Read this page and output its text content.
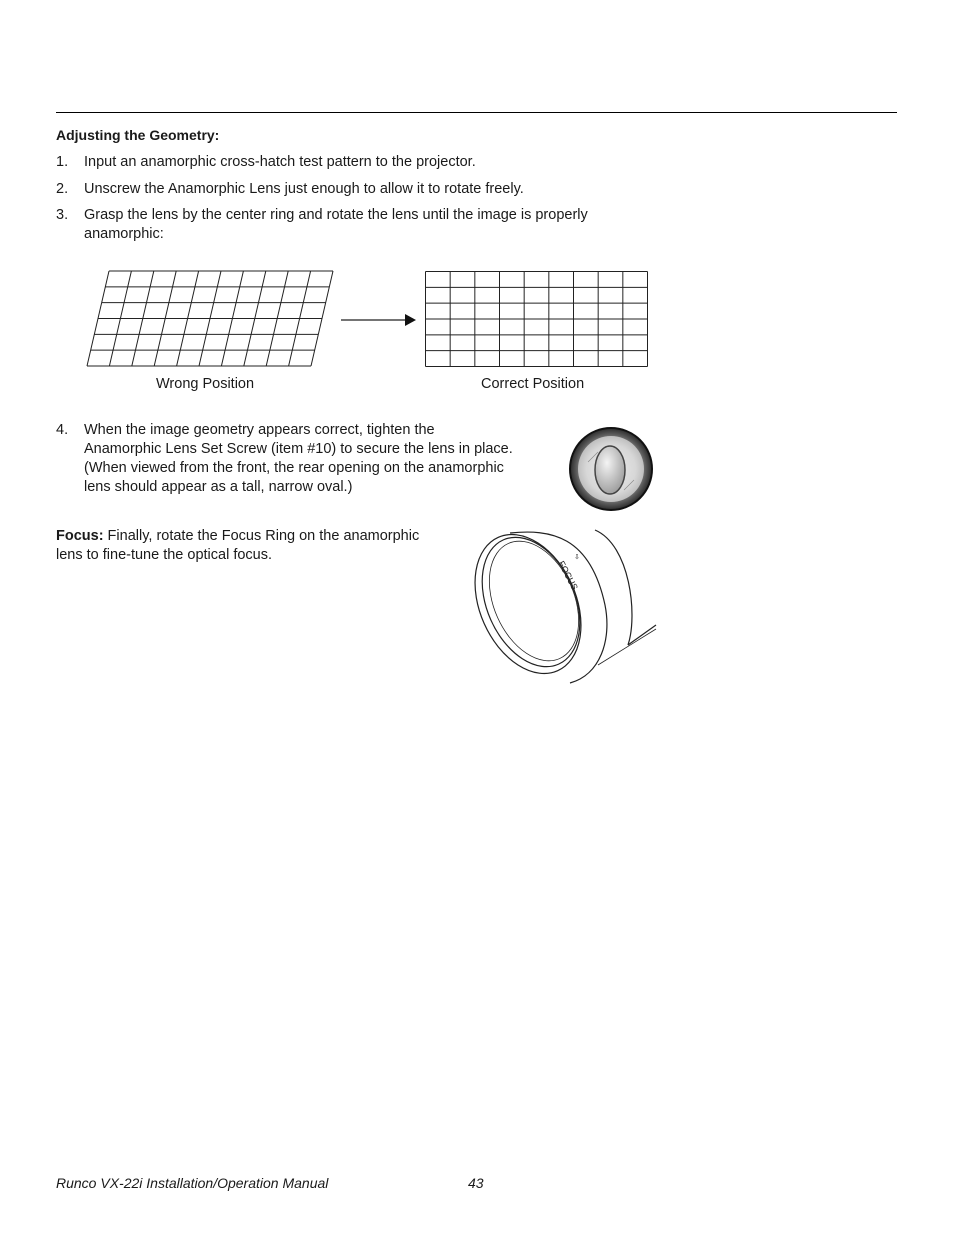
Adjusting the Geometry:
1.	Input an anamorphic cross-hatch test pattern to the projector.
2.	Unscrew the Anamorphic Lens just enough to allow it to rotate freely.
3.	Grasp the lens by the center ring and rotate the lens until the image is properly
anamorphic:
Wrong Position	Correct Position
4.	When the image geometry appears correct, tighten the
Anamorphic Lens Set Screw (item #10) to secure the lens in place.
(When viewed from the front, the rear opening on the anamorphic
lens should appear as a tall, narrow oval.)

Focus: Finally, rotate the Focus Ring on the anamorphic
lens to fine-tune the optical focus.

FOCUS
⇩
Runco VX-22i Installation/Operation Manual	43
